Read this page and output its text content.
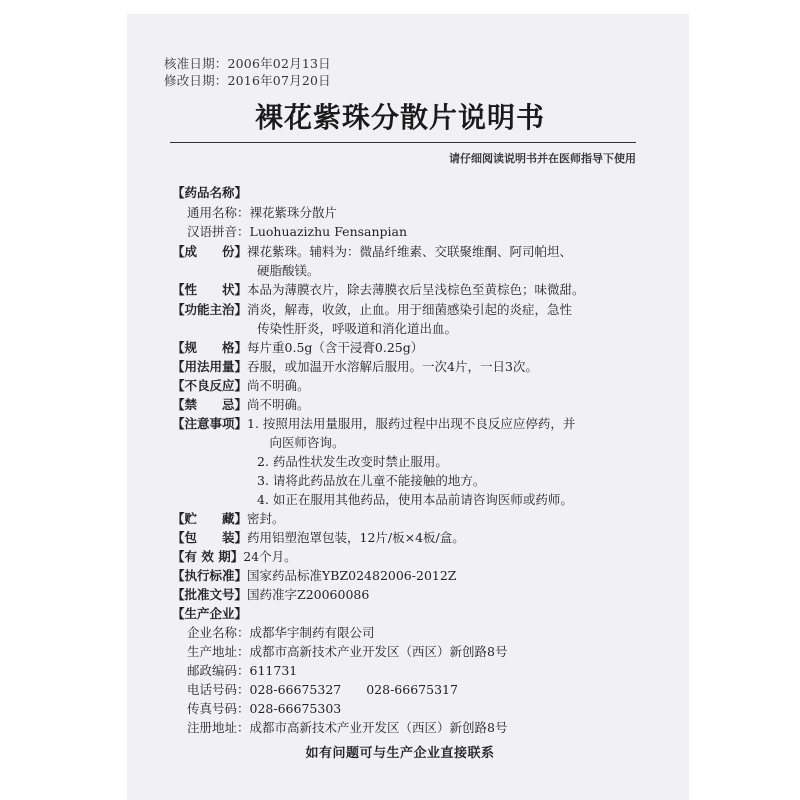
核准日期：2006年02月13日
修改日期：2016年07月20日
裸花紫珠分散片说明书
请仔细阅读说明书并在医师指导下使用
【药品名称】
通用名称：裸花紫珠分散片
汉语拼音：Luohuazizhu Fensanpian
【成　　份】裸花紫珠。辅料为：微晶纤维素、交联聚维酮、阿司帕坦、
硬脂酸镁。
【性　　状】本品为薄膜衣片，除去薄膜衣后呈浅棕色至黄棕色；味微甜。
【功能主治】消炎，解毒，收敛，止血。用于细菌感染引起的炎症，急性
传染性肝炎，呼吸道和消化道出血。
【规　　格】每片重0.5g（含干浸膏0.25g）
【用法用量】吞服，或加温开水溶解后服用。一次4片，一日3次。
【不良反应】尚不明确。
【禁　　忌】尚不明确。
【注意事项】1. 按照用法用量服用，服药过程中出现不良反应应停药，并
　向医师咨询。
2. 药品性状发生改变时禁止服用。
3. 请将此药品放在儿童不能接触的地方。
4. 如正在服用其他药品，使用本品前请咨询医师或药师。
【贮　　藏】密封。
【包　　装】药用铝塑泡罩包装，12片/板×4板/盒。
【有 效 期】24个月。
【执行标准】国家药品标准YBZ02482006-2012Z
【批准文号】国药准字Z20060086
【生产企业】
企业名称：成都华宇制药有限公司
生产地址：成都市高新技术产业开发区（西区）新创路8号
邮政编码：611731
电话号码：028-66675327　　028-66675317
传真号码：028-66675303
注册地址：成都市高新技术产业开发区（西区）新创路8号
如有问题可与生产企业直接联系
